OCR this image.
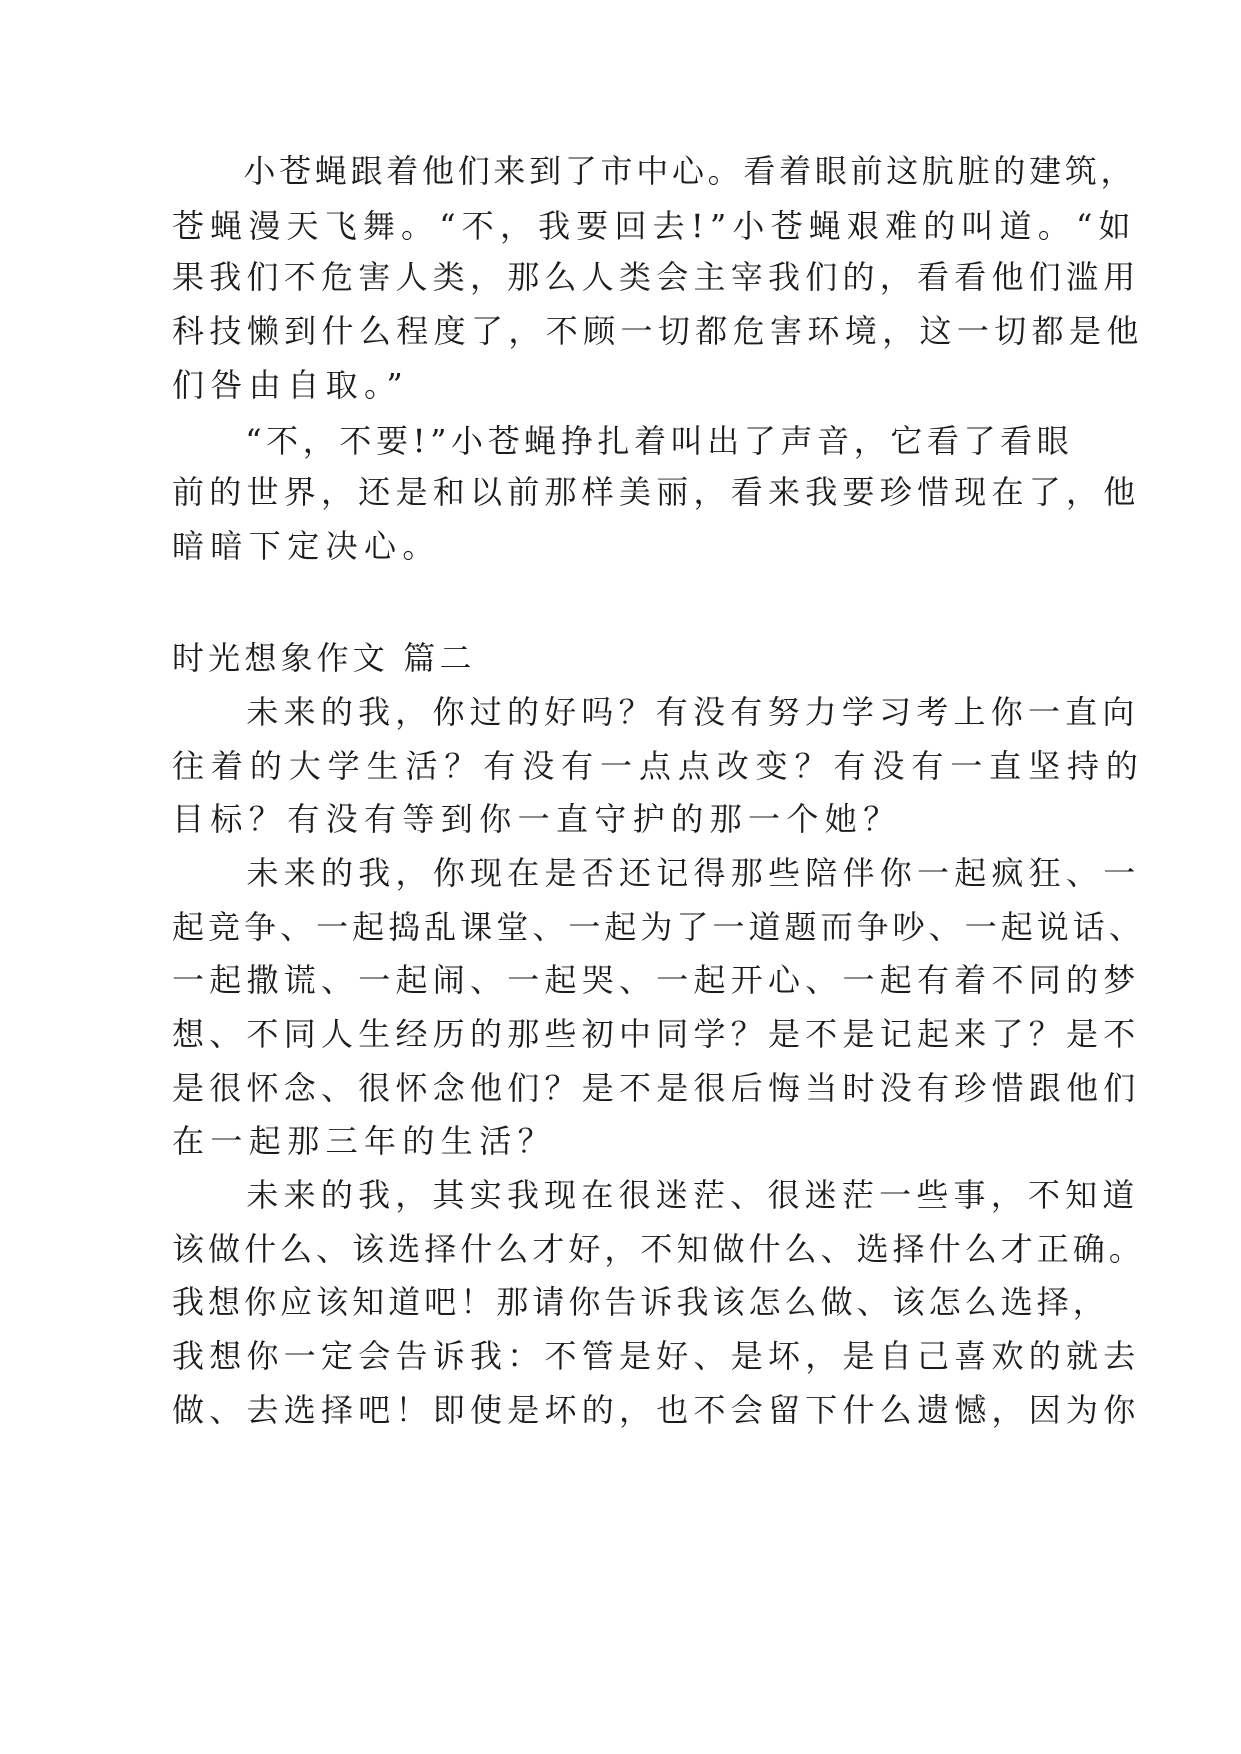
　　小苍蝇跟着他们来到了市中心。看着眼前这肮脏的建筑，

苍蝇漫天飞舞。“不，我要回去!”小苍蝇艰难的叫道。“如

果我们不危害人类，那么人类会主宰我们的，看看他们滥用

科技懒到什么程度了，不顾一切都危害环境，这一切都是他

们咎由自取。”

　　“不，不要!”小苍蝇挣扎着叫出了声音，它看了看眼

前的世界，还是和以前那样美丽，看来我要珍惜现在了，他

暗暗下定决心。

时光想象作文 篇二

　　未来的我，你过的好吗？有没有努力学习考上你一直向

往着的大学生活？有没有一点点改变？有没有一直坚持的

目标？有没有等到你一直守护的那一个她？

　　未来的我，你现在是否还记得那些陪伴你一起疯狂、一

起竞争、一起捣乱课堂、一起为了一道题而争吵、一起说话、

一起撒谎、一起闹、一起哭、一起开心、一起有着不同的梦

想、不同人生经历的那些初中同学？是不是记起来了？是不

是很怀念、很怀念他们？是不是很后悔当时没有珍惜跟他们

在一起那三年的生活？

　　未来的我，其实我现在很迷茫、很迷茫一些事，不知道

该做什么、该选择什么才好，不知做什么、选择什么才正确。

我想你应该知道吧！那请你告诉我该怎么做、该怎么选择，

我想你一定会告诉我：不管是好、是坏，是自己喜欢的就去

做、去选择吧！即使是坏的，也不会留下什么遗憾，因为你
